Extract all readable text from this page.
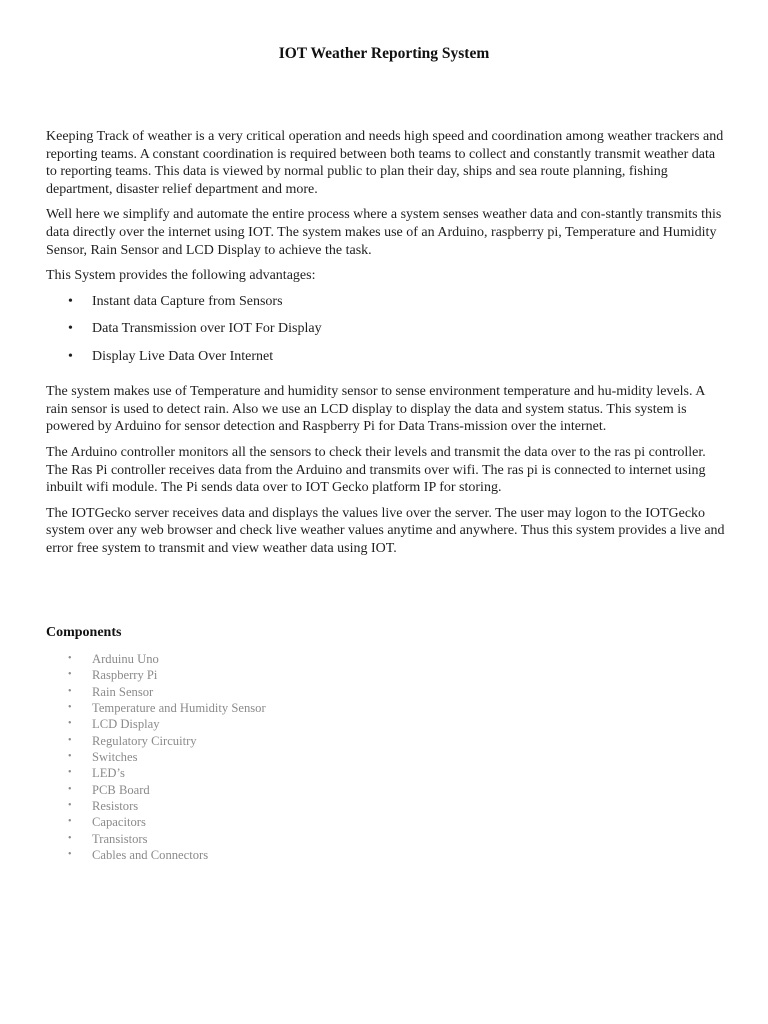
IOT Weather Reporting System

Keeping Track of weather is a very critical operation and needs high speed and coordination among weather trackers and reporting teams. A constant coordination is required between both teams to collect and constantly transmit weather data to reporting teams. This data is viewed by normal public to plan their day, ships and sea route planning, fishing department, disaster relief department and more.

Well here we simplify and automate the entire process where a system senses weather data and con-stantly transmits this data directly over the internet using IOT. The system makes use of an Arduino, raspberry pi, Temperature and Humidity Sensor, Rain Sensor and LCD Display to achieve the task.

This System provides the following advantages:

• Instant data Capture from Sensors
• Data Transmission over IOT For Display
• Display Live Data Over Internet

The system makes use of Temperature and humidity sensor to sense environment temperature and hu-midity levels. A rain sensor is used to detect rain. Also we use an LCD display to display the data and system status. This system is powered by Arduino for sensor detection and Raspberry Pi for Data Trans-mission over the internet.

The Arduino controller monitors all the sensors to check their levels and transmit the data over to the ras pi controller. The Ras Pi controller receives data from the Arduino and transmits over wifi. The ras pi is connected to internet using inbuilt wifi module. The Pi sends data over to IOT Gecko platform IP for storing.

The IOTGecko server receives data and displays the values live over the server. The user may logon to the IOTGecko system over any web browser and check live weather values anytime and anywhere. Thus this system provides a live and error free system to transmit and view weather data using IOT.

Components
• Arduinu Uno
• Raspberry Pi
• Rain Sensor
• Temperature and Humidity Sensor
• LCD Display
• Regulatory Circuitry
• Switches
• LED’s
• PCB Board
• Resistors
• Capacitors
• Transistors
• Cables and Connectors
